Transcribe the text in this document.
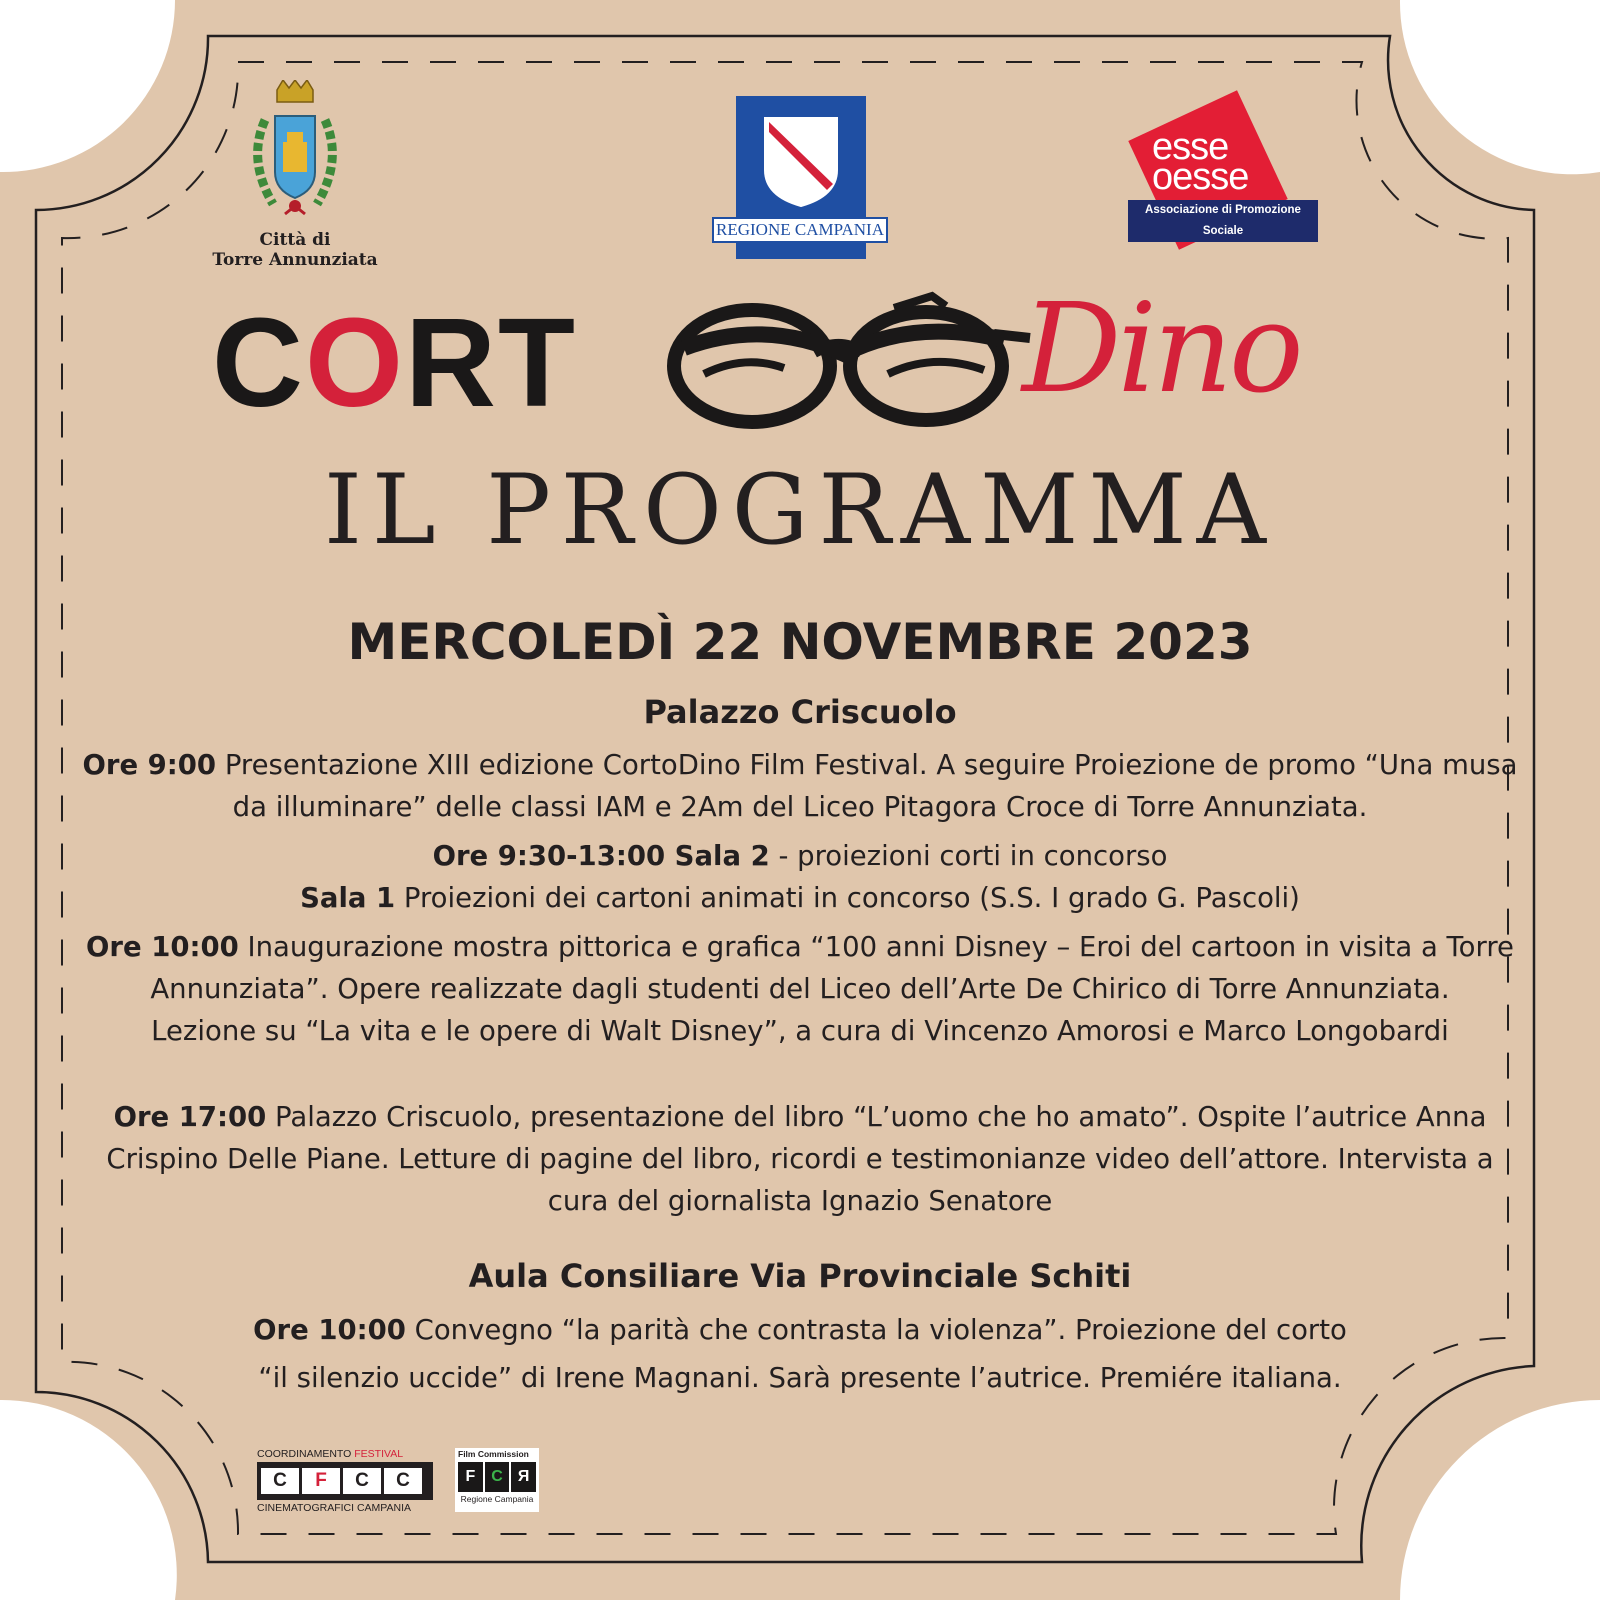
Città di
Torre Annunziata
REGIONE CAMPANIA
esse
oesse
Associazione di Promozione Sociale
CORT	Dino
IL PROGRAMMA
MERCOLEDÌ 22 NOVEMBRE 2023
Palazzo Criscuolo
Ore 9:00 Presentazione XIII edizione CortoDino Film Festival. A seguire Proiezione de promo “Una musa da illuminare” delle classi IAM e 2Am del Liceo Pitagora Croce di Torre Annunziata.
Ore 9:30-13:00 Sala 2 - proiezioni corti in concorso
Sala 1 Proiezioni dei cartoni animati in concorso (S.S. I grado G. Pascoli)
Ore 10:00 Inaugurazione mostra pittorica e grafica “100 anni Disney – Eroi del cartoon in visita a Torre Annunziata”. Opere realizzate dagli studenti del Liceo dell’Arte De Chirico di Torre Annunziata.
Lezione su “La vita e le opere di Walt Disney”, a cura di Vincenzo Amorosi e Marco Longobardi
Ore 17:00 Palazzo Criscuolo, presentazione del libro “L’uomo che ho amato”. Ospite l’autrice Anna Crispino Delle Piane. Letture di pagine del libro, ricordi e testimonianze video dell’attore. Intervista a cura del giornalista Ignazio Senatore
Aula Consiliare Via Provinciale Schiti
Ore 10:00 Convegno “la parità che contrasta la violenza”. Proiezione del corto
“il silenzio uccide” di Irene Magnani. Sarà presente l’autrice. Premiére italiana.
COORDINAMENTO FESTIVAL
C	F	C	C
CINEMATOGRAFICI CAMPANIA
Film Commission
F	C Я
Regione Campania
